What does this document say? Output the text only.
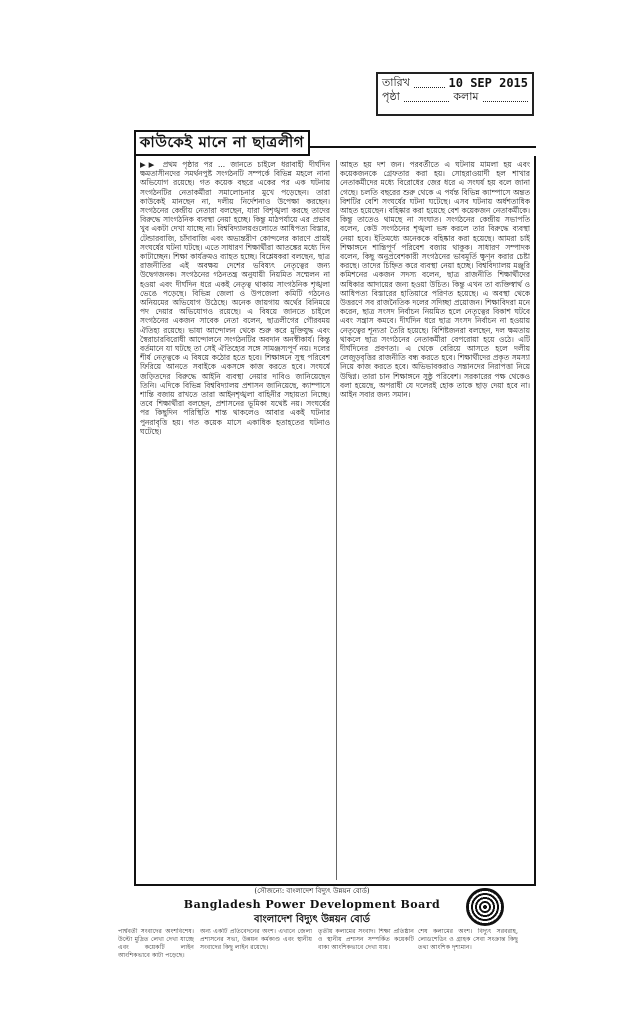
তারিখ	10 SEP 2015
পৃষ্ঠা	কলাম
কাউকেই মানে না ছাত্রলীগ
▶▶ প্রথম পৃষ্ঠার পর ... জানতে চাইলে ধরাবাহী দীর্ঘদিন ক্ষমতাসীনদের সমর্থনপুষ্ট সংগঠনটি সম্পর্কে বিভিন্ন মহলে নানা অভিযোগ রয়েছে। গত কয়েক বছরে একের পর এক ঘটনায় সংগঠনটির নেতাকর্মীরা সমালোচনার মুখে পড়েছেন। তারা কাউকেই মানছেন না, দলীয় নির্দেশনাও উপেক্ষা করছেন। সংগঠনের কেন্দ্রীয় নেতারা বলছেন, যারা বিশৃঙ্খলা করছে তাদের বিরুদ্ধে সাংগঠনিক ব্যবস্থা নেয়া হচ্ছে। কিন্তু মাঠপর্যায়ে এর প্রভাব খুব একটা দেখা যাচ্ছে না। বিশ্ববিদ্যালয়গুলোতে আধিপত্য বিস্তার, টেন্ডারবাজি, চাঁদাবাজি এবং অভ্যন্তরীণ কোন্দলের কারণে প্রায়ই সংঘর্ষের ঘটনা ঘটছে। এতে সাধারণ শিক্ষার্থীরা আতঙ্কের মধ্যে দিন কাটাচ্ছেন। শিক্ষা কার্যক্রমও ব্যাহত হচ্ছে। বিশ্লেষকরা বলছেন, ছাত্র রাজনীতির এই অবক্ষয় দেশের ভবিষ্যৎ নেতৃত্বের জন্য উদ্বেগজনক। সংগঠনের গঠনতন্ত্র অনুযায়ী নিয়মিত সম্মেলন না হওয়া এবং দীর্ঘদিন ধরে একই নেতৃত্ব থাকায় সাংগঠনিক শৃঙ্খলা ভেঙে পড়েছে। বিভিন্ন জেলা ও উপজেলা কমিটি গঠনেও অনিয়মের অভিযোগ উঠেছে। অনেক জায়গায় অর্থের বিনিময়ে পদ দেয়ার অভিযোগও রয়েছে। এ বিষয়ে জানতে চাইলে সংগঠনের একজন সাবেক নেতা বলেন, ছাত্রলীগের গৌরবময় ঐতিহ্য রয়েছে। ভাষা আন্দোলন থেকে শুরু করে মুক্তিযুদ্ধ এবং স্বৈরাচারবিরোধী আন্দোলনে সংগঠনটির অবদান অনস্বীকার্য। কিন্তু বর্তমানে যা ঘটছে তা সেই ঐতিহ্যের সঙ্গে সামঞ্জস্যপূর্ণ নয়। দলের শীর্ষ নেতৃত্বকে এ বিষয়ে কঠোর হতে হবে। শিক্ষাঙ্গনে সুস্থ পরিবেশ ফিরিয়ে আনতে সবাইকে একসঙ্গে কাজ করতে হবে। সংঘর্ষে জড়িতদের বিরুদ্ধে আইনি ব্যবস্থা নেয়ার দাবিও জানিয়েছেন তিনি। এদিকে বিভিন্ন বিশ্ববিদ্যালয় প্রশাসন জানিয়েছে, ক্যাম্পাসে শান্তি বজায় রাখতে তারা আইনশৃঙ্খলা বাহিনীর সহায়তা নিচ্ছে। তবে শিক্ষার্থীরা বলছেন, প্রশাসনের ভূমিকা যথেষ্ট নয়। সংঘর্ষের পর কিছুদিন পরিস্থিতি শান্ত থাকলেও আবার একই ঘটনার পুনরাবৃত্তি হয়। গত কয়েক মাসে একাধিক হতাহতের ঘটনাও ঘটেছে।
আহত হয় দশ জন। পরবর্তীতে এ ঘটনায় মামলা হয় এবং কয়েকজনকে গ্রেফতার করা হয়। সোহরাওয়ার্দী হল শাখার নেতাকর্মীদের মধ্যে বিরোধের জের ধরে এ সংঘর্ষ হয় বলে জানা গেছে। চলতি বছরের শুরু থেকে এ পর্যন্ত বিভিন্ন ক্যাম্পাসে অন্তত বিশটির বেশি সংঘর্ষের ঘটনা ঘটেছে। এসব ঘটনায় অর্ধশতাধিক আহত হয়েছেন। বহিষ্কার করা হয়েছে বেশ কয়েকজন নেতাকর্মীকে। কিন্তু তাতেও থামছে না সংঘাত। সংগঠনের কেন্দ্রীয় সভাপতি বলেন, কেউ সংগঠনের শৃঙ্খলা ভঙ্গ করলে তার বিরুদ্ধে ব্যবস্থা নেয়া হবে। ইতিমধ্যে অনেককে বহিষ্কার করা হয়েছে। আমরা চাই শিক্ষাঙ্গনে শান্তিপূর্ণ পরিবেশ বজায় থাকুক। সাধারণ সম্পাদক বলেন, কিছু অনুপ্রবেশকারী সংগঠনের ভাবমূর্তি ক্ষুণ্ন করার চেষ্টা করছে। তাদের চিহ্নিত করে ব্যবস্থা নেয়া হচ্ছে। বিশ্ববিদ্যালয় মঞ্জুরি কমিশনের একজন সদস্য বলেন, ছাত্র রাজনীতি শিক্ষার্থীদের অধিকার আদায়ের জন্য হওয়া উচিত। কিন্তু এখন তা ব্যক্তিস্বার্থ ও আধিপত্য বিস্তারের হাতিয়ারে পরিণত হয়েছে। এ অবস্থা থেকে উত্তরণে সব রাজনৈতিক দলের সদিচ্ছা প্রয়োজন। শিক্ষাবিদরা মনে করেন, ছাত্র সংসদ নির্বাচন নিয়মিত হলে নেতৃত্বের বিকাশ ঘটবে এবং সন্ত্রাস কমবে। দীর্ঘদিন ধরে ছাত্র সংসদ নির্বাচন না হওয়ায় নেতৃত্বের শূন্যতা তৈরি হয়েছে। বিশিষ্টজনরা বলছেন, দল ক্ষমতায় থাকলে ছাত্র সংগঠনের নেতাকর্মীরা বেপরোয়া হয়ে ওঠে। এটি দীর্ঘদিনের প্রবণতা। এ থেকে বেরিয়ে আসতে হলে দলীয় লেজুড়বৃত্তির রাজনীতি বন্ধ করতে হবে। শিক্ষার্থীদের প্রকৃত সমস্যা নিয়ে কাজ করতে হবে। অভিভাবকরাও সন্তানদের নিরাপত্তা নিয়ে উদ্বিগ্ন। তারা চান শিক্ষাঙ্গনে সুষ্ঠু পরিবেশ। সরকারের পক্ষ থেকেও বলা হয়েছে, অপরাধী যে দলেরই হোক তাকে ছাড় দেয়া হবে না। আইন সবার জন্য সমান।
(সৌজন্যে: বাংলাদেশ বিদ্যুৎ উন্নয়ন বোর্ড)
Bangladesh Power Development Board
বাংলাদেশ বিদ্যুৎ উন্নয়ন বোর্ড
পার্শ্ববর্তী সংবাদের অংশবিশেষ। উল্টো মুদ্রিত লেখা দেখা যাচ্ছে এবং কয়েকটি লাইন আংশিকভাবে কাটা পড়েছে।
অন্য একটি প্রতিবেদনের অংশ। এখানে জেলা প্রশাসনের সভা, উন্নয়ন কর্মকাণ্ড এবং স্থানীয় সংবাদের কিছু লাইন রয়েছে।
তৃতীয় কলামের সংবাদ। শিক্ষা প্রতিষ্ঠান ও স্থানীয় প্রশাসন সম্পর্কিত কয়েকটি বাক্য আংশিকভাবে দেখা যায়।
শেষ কলামের অংশ। বিদ্যুৎ সরবরাহ, লোডশেডিং ও গ্রাহক সেবা সংক্রান্ত কিছু তথ্য আংশিক দৃশ্যমান।
